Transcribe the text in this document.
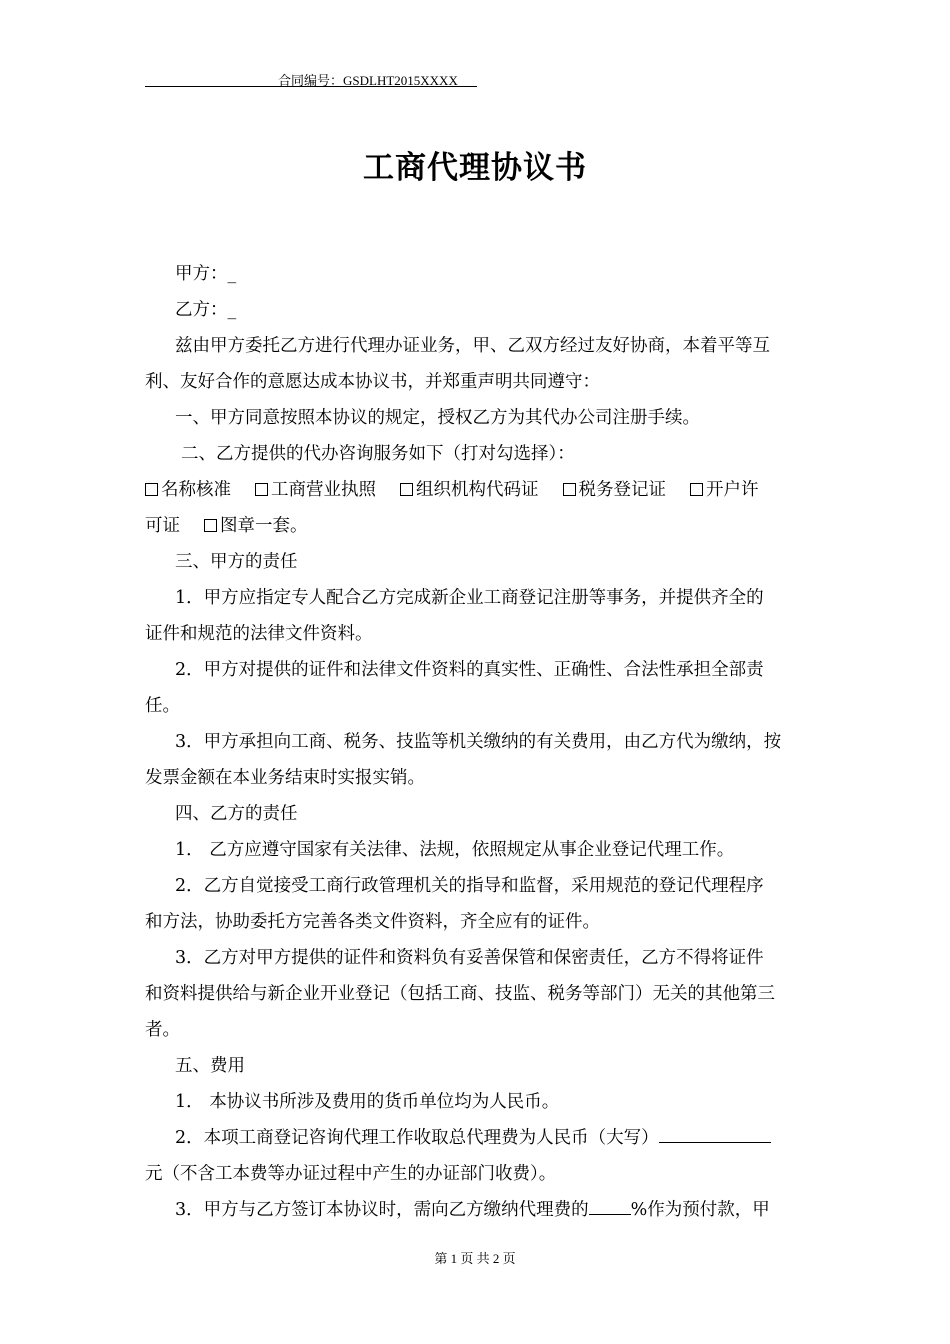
合同编号：GSDLHT2015XXXX
工商代理协议书

甲方：_

乙方：_

兹由甲方委托乙方进行代理办证业务，甲、乙双方经过友好协商，本着平等互

利、友好合作的意愿达成本协议书，并郑重声明共同遵守：

一、甲方同意按照本协议的规定，授权乙方为其代办公司注册手续。

二、乙方提供的代办咨询服务如下（打对勾选择）：

名称核准 工商营业执照 组织机构代码证 税务登记证 开户许

可证 图章一套。

三、甲方的责任

1．甲方应指定专人配合乙方完成新企业工商登记注册等事务，并提供齐全的

证件和规范的法律文件资料。

2．甲方对提供的证件和法律文件资料的真实性、正确性、合法性承担全部责

任。

3．甲方承担向工商、税务、技监等机关缴纳的有关费用，由乙方代为缴纳，按

发票金额在本业务结束时实报实销。

四、乙方的责任

1． 乙方应遵守国家有关法律、法规，依照规定从事企业登记代理工作。

2．乙方自觉接受工商行政管理机关的指导和监督，采用规范的登记代理程序

和方法，协助委托方完善各类文件资料，齐全应有的证件。

3．乙方对甲方提供的证件和资料负有妥善保管和保密责任，乙方不得将证件

和资料提供给与新企业开业登记（包括工商、技监、税务等部门）无关的其他第三

者。

五、费用

1． 本协议书所涉及费用的货币单位均为人民币。

2．本项工商登记咨询代理工作收取总代理费为人民币（大写）

元（不含工本费等办证过程中产生的办证部门收费）。

3．甲方与乙方签订本协议时，需向乙方缴纳代理费的 %作为预付款，甲

第 1 页 共 2 页
